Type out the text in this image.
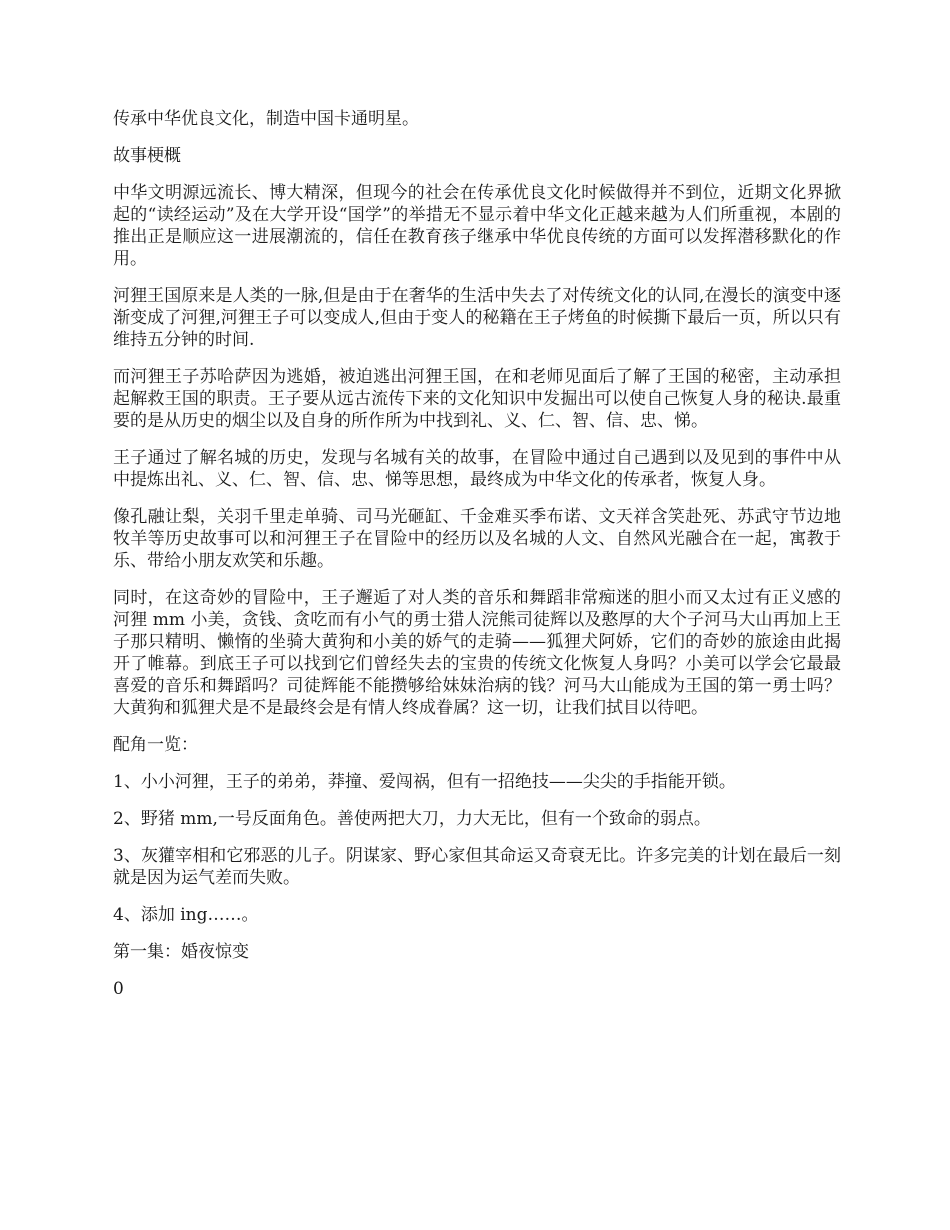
传承中华优良文化，制造中国卡通明星。

故事梗概

中华文明源远流长、博大精深，但现今的社会在传承优良文化时候做得并不到位，近期文化界掀起的“读经运动”及在大学开设“国学”的举措无不显示着中华文化正越来越为人们所重视，本剧的推出正是顺应这一进展潮流的，信任在教育孩子继承中华优良传统的方面可以发挥潜移默化的作用。

河狸王国原来是人类的一脉,但是由于在奢华的生活中失去了对传统文化的认同,在漫长的演变中逐渐变成了河狸,河狸王子可以变成人,但由于变人的秘籍在王子烤鱼的时候撕下最后一页，所以只有维持五分钟的时间.

而河狸王子苏哈萨因为逃婚，被迫逃出河狸王国，在和老师见面后了解了王国的秘密，主动承担起解救王国的职责。王子要从远古流传下来的文化知识中发掘出可以使自己恢复人身的秘诀.最重要的是从历史的烟尘以及自身的所作所为中找到礼、义、仁、智、信、忠、悌。

王子通过了解名城的历史，发现与名城有关的故事，在冒险中通过自己遇到以及见到的事件中从中提炼出礼、义、仁、智、信、忠、悌等思想，最终成为中华文化的传承者，恢复人身。

像孔融让梨，关羽千里走单骑、司马光砸缸、千金难买季布诺、文天祥含笑赴死、苏武守节边地牧羊等历史故事可以和河狸王子在冒险中的经历以及名城的人文、自然风光融合在一起，寓教于乐、带给小朋友欢笑和乐趣。

同时，在这奇妙的冒险中，王子邂逅了对人类的音乐和舞蹈非常痴迷的胆小而又太过有正义感的河狸 mm 小美，贪钱、贪吃而有小气的勇士猎人浣熊司徒辉以及憨厚的大个子河马大山再加上王子那只精明、懒惰的坐骑大黄狗和小美的娇气的走骑——狐狸犬阿娇，它们的奇妙的旅途由此揭开了帷幕。到底王子可以找到它们曾经失去的宝贵的传统文化恢复人身吗？小美可以学会它最最喜爱的音乐和舞蹈吗？司徒辉能不能攒够给妹妹治病的钱？河马大山能成为王国的第一勇士吗？大黄狗和狐狸犬是不是最终会是有情人终成眷属？这一切，让我们拭目以待吧。

配角一览：

1、小小河狸，王子的弟弟，莽撞、爱闯祸，但有一招绝技——尖尖的手指能开锁。

2、野猪 mm,一号反面角色。善使两把大刀，力大无比，但有一个致命的弱点。

3、灰獾宰相和它邪恶的儿子。阴谋家、野心家但其命运又奇衰无比。许多完美的计划在最后一刻就是因为运气差而失败。

4、添加 ing……。

第一集：婚夜惊变

0
